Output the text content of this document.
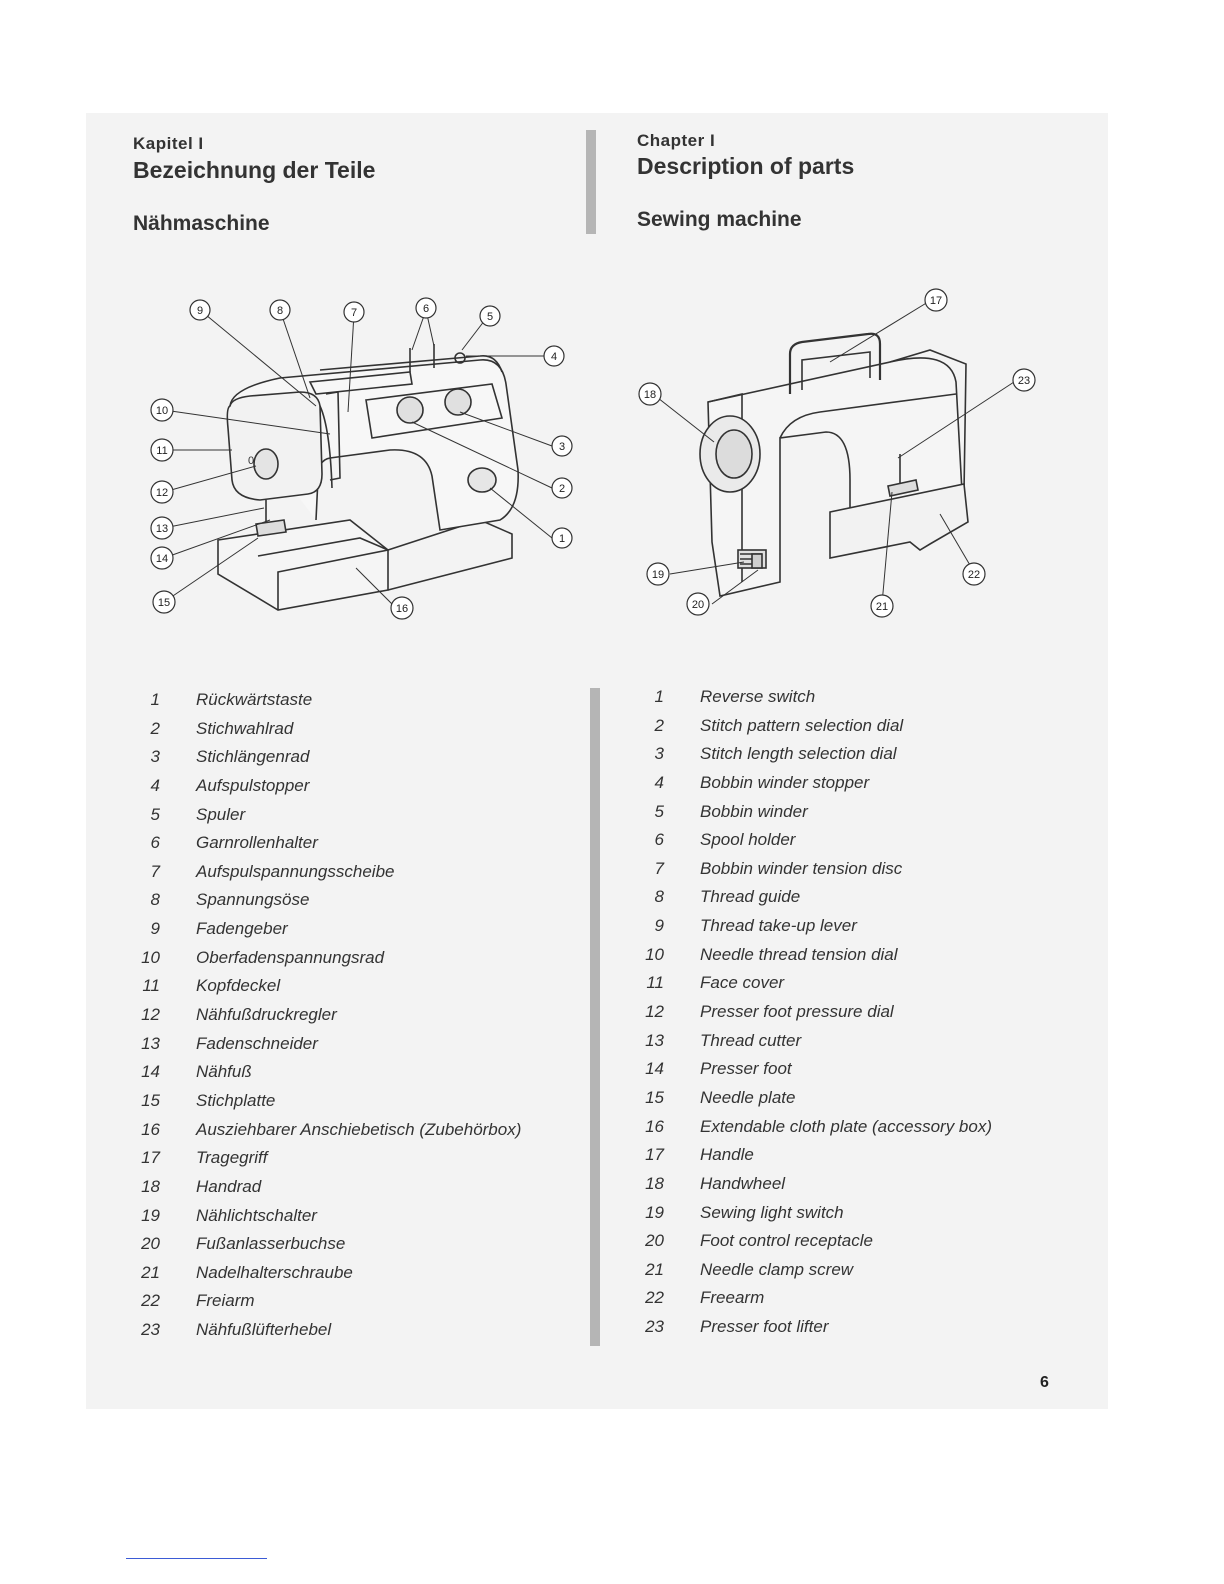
Kapitel I
Bezeichnung der Teile
Nähmaschine
Chapter I
Description of parts
Sewing machine
0
1
2
3
4
5
6
7
8
9
10
11
12
13
14
15	16
17
18
19
20	21
22
23
1 Rückwärtstaste
2 Stichwahlrad
3 Stichlängenrad
4 Aufspulstopper
5 Spuler
6 Garnrollenhalter
7 Aufspulspannungsscheibe
8 Spannungsöse
9 Fadengeber
10 Oberfadenspannungsrad
11 Kopfdeckel
12 Nähfußdruckregler
13 Fadenschneider
14 Nähfuß
15 Stichplatte
16 Ausziehbarer Anschiebetisch (Zubehörbox)
17 Tragegriff
18 Handrad
19 Nählichtschalter
20 Fußanlasserbuchse
21 Nadelhalterschraube
22 Freiarm
23 Nähfußlüfterhebel
1 Reverse switch
2 Stitch pattern selection dial
3 Stitch length selection dial
4 Bobbin winder stopper
5 Bobbin winder
6 Spool holder
7 Bobbin winder tension disc
8 Thread guide
9 Thread take-up lever
10 Needle thread tension dial
11 Face cover
12 Presser foot pressure dial
13 Thread cutter
14 Presser foot
15 Needle plate
16 Extendable cloth plate (accessory box)
17 Handle
18 Handwheel
19 Sewing light switch
20 Foot control receptacle
21 Needle clamp screw
22 Freearm
23 Presser foot lifter
6
